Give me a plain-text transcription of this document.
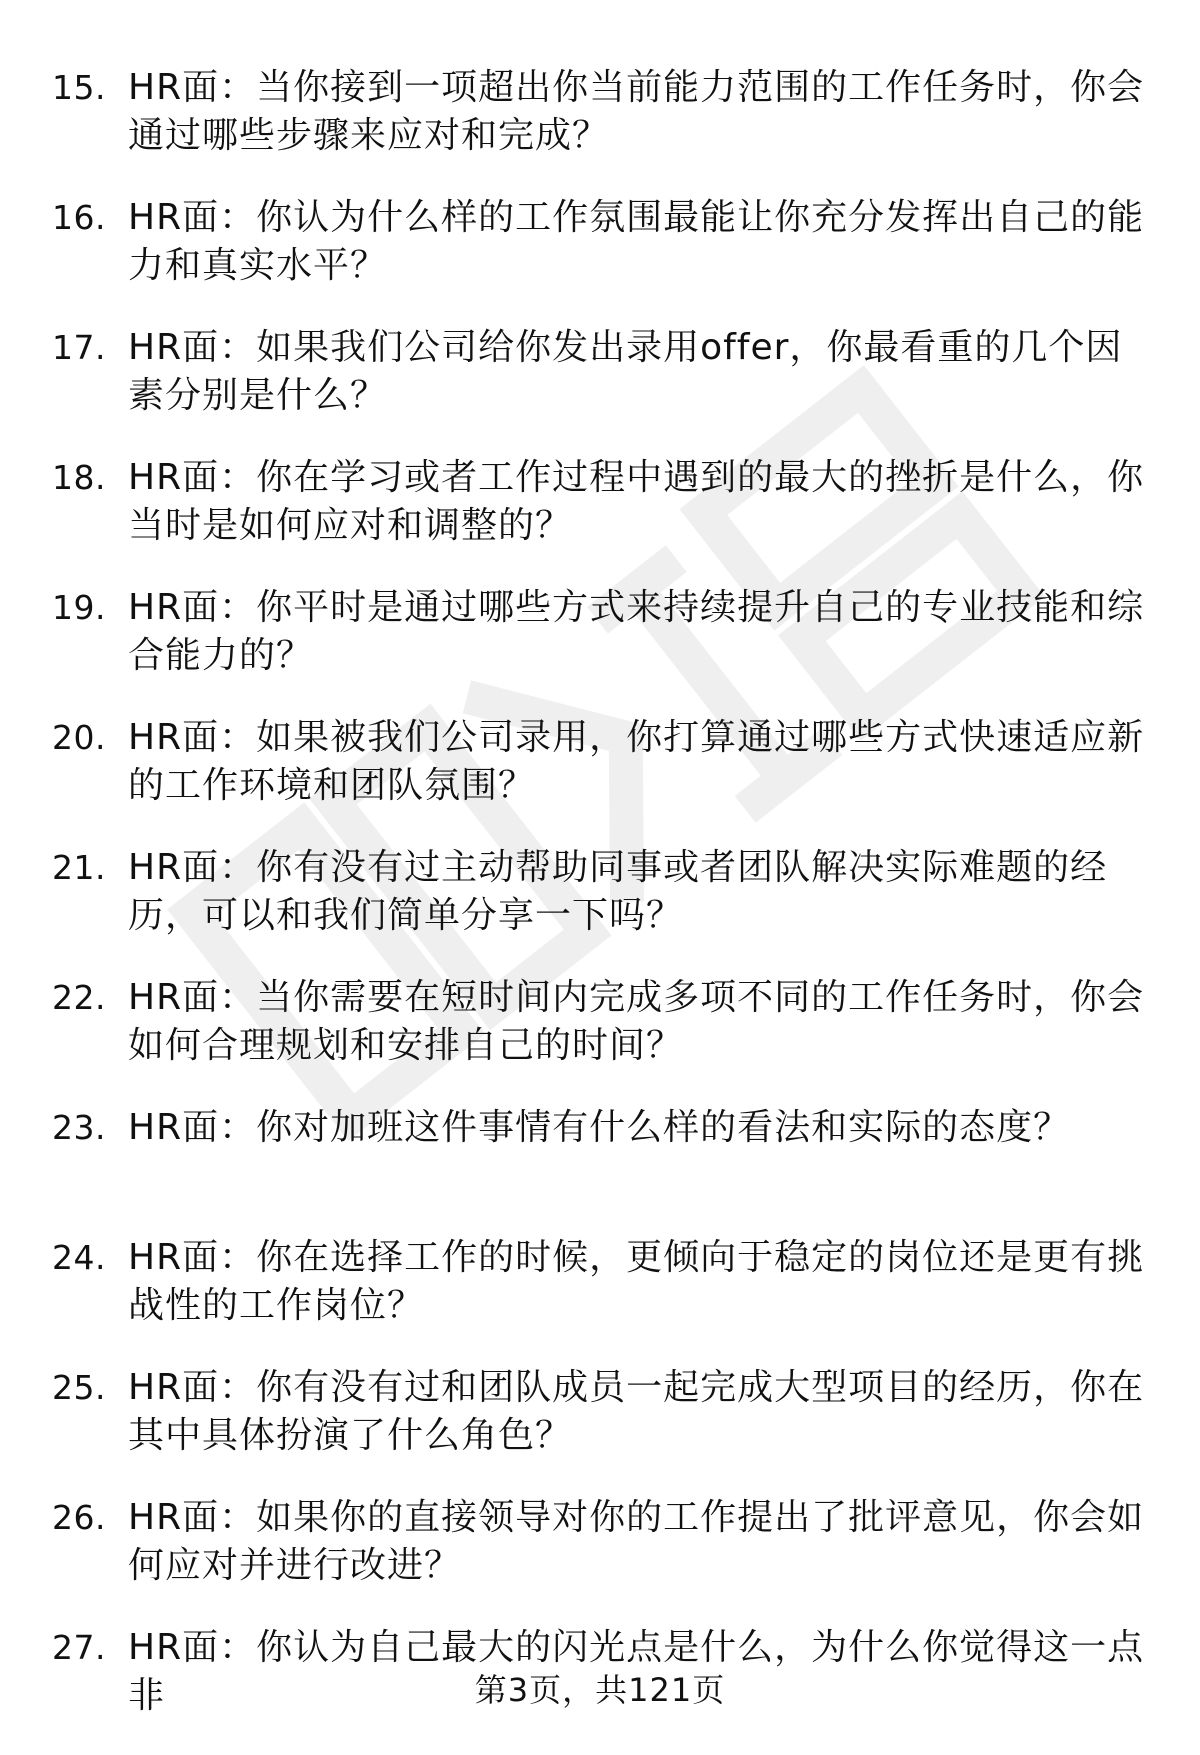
15. HR面：当你接到一项超出你当前能力范围的工作任务时，你会通过哪些步骤来应对和完成？
16. HR面：你认为什么样的工作氛围最能让你充分发挥出自己的能力和真实水平？
17. HR面：如果我们公司给你发出录用offer，你最看重的几个因素分别是什么？
18. HR面：你在学习或者工作过程中遇到的最大的挫折是什么，你当时是如何应对和调整的？
19. HR面：你平时是通过哪些方式来持续提升自己的专业技能和综合能力的？
20. HR面：如果被我们公司录用，你打算通过哪些方式快速适应新的工作环境和团队氛围？
21. HR面：你有没有过主动帮助同事或者团队解决实际难题的经历，可以和我们简单分享一下吗？
22. HR面：当你需要在短时间内完成多项不同的工作任务时，你会如何合理规划和安排自己的时间？
23. HR面：你对加班这件事情有什么样的看法和实际的态度？
24. HR面：你在选择工作的时候，更倾向于稳定的岗位还是更有挑战性的工作岗位？
25. HR面：你有没有过和团队成员一起完成大型项目的经历，你在其中具体扮演了什么角色？
26. HR面：如果你的直接领导对你的工作提出了批评意见，你会如何应对并进行改进？
27. HR面：你认为自己最大的闪光点是什么，为什么你觉得这一点非	第3页，共121页
